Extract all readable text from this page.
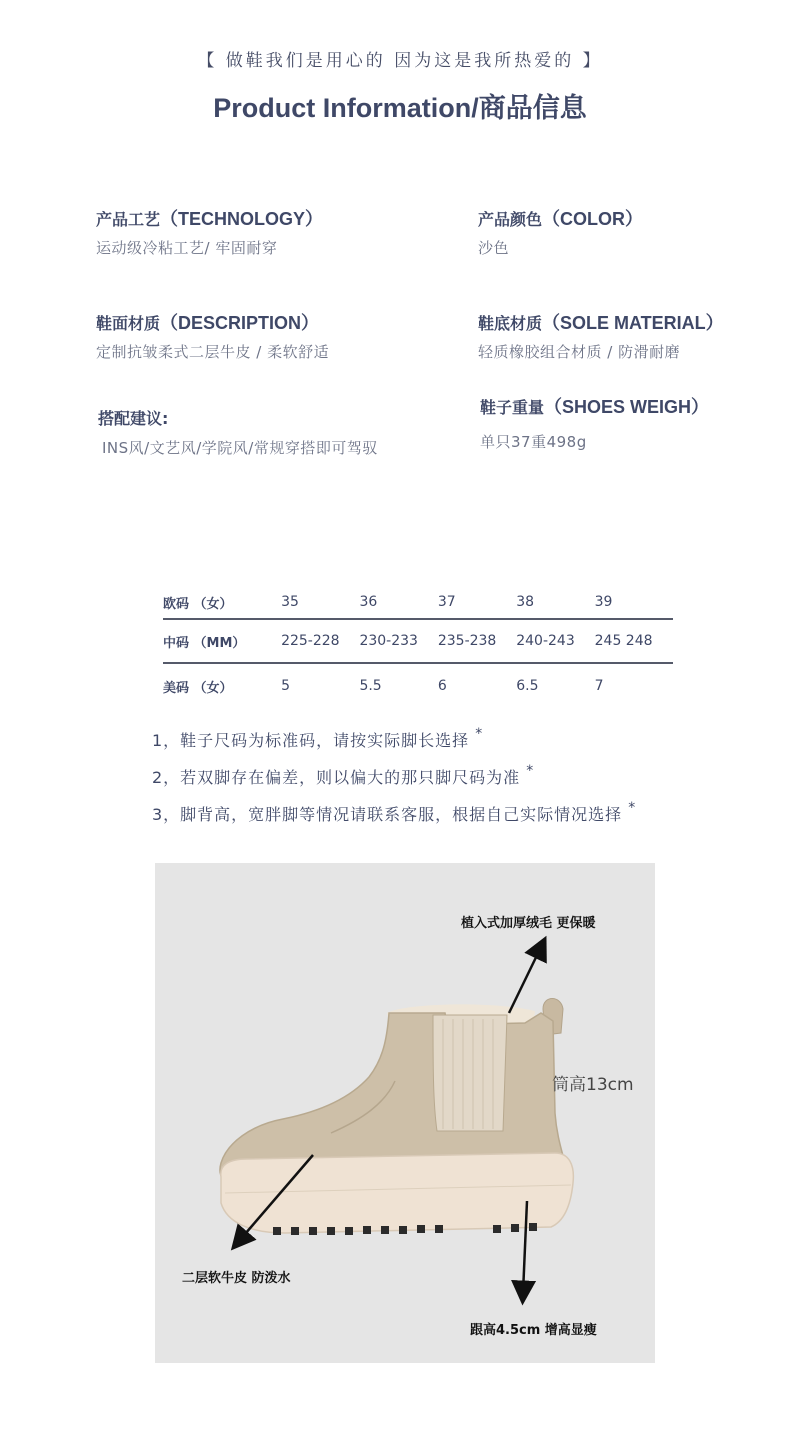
【 做鞋我们是用心的 因为这是我所热爱的 】
Product Information/商品信息
产品工艺（TECHNOLOGY）
运动级冷粘工艺/ 牢固耐穿
产品颜色（COLOR）
沙色
鞋面材质（DESCRIPTION）
定制抗皱柔式二层牛皮 / 柔软舒适
鞋底材质（SOLE MATERIAL）
轻质橡胶组合材质 / 防滑耐磨
搭配建议:
INS风/文艺风/学院风/常规穿搭即可驾驭
鞋子重量（SHOES WEIGH）
单只37重498g
欧码 （女）	35	36	37	38	39
中码 （MM）	225-228	230-233	235-238	240-243	245 248
美码 （女）	5	5.5	6	6.5	7
1，鞋子尺码为标准码，请按实际脚长选择 *
2，若双脚存在偏差，则以偏大的那只脚尺码为准 *
3，脚背高，宽胖脚等情况请联系客服，根据自己实际情况选择 *
植入式加厚绒毛 更保暖
筒高13cm
二层软牛皮 防泼水
跟高4.5cm 增高显瘦
